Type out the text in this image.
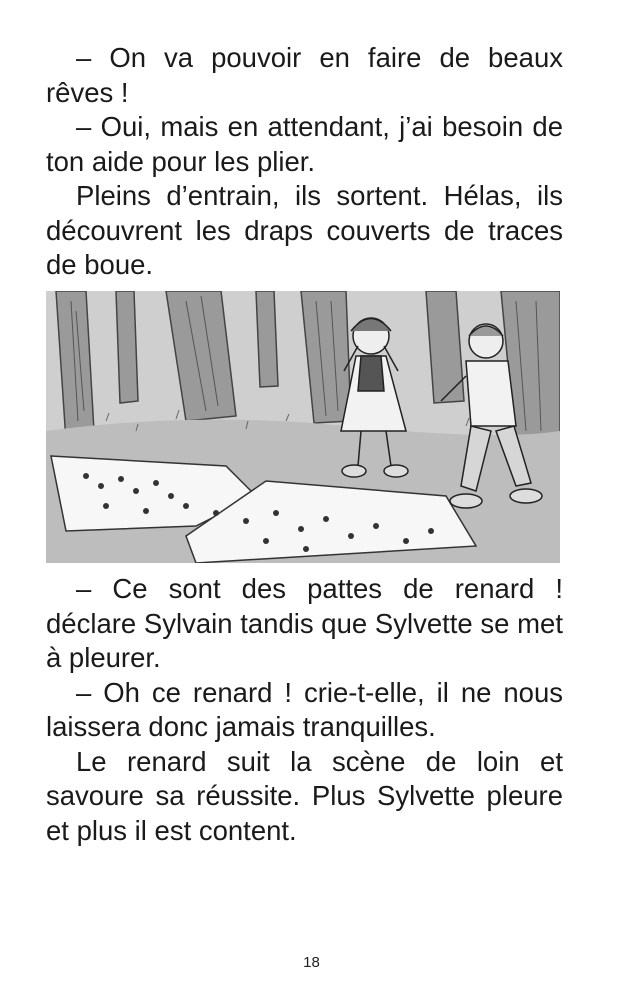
– On va pouvoir en faire de beaux rêves !

– Oui, mais en attendant, j’ai besoin de ton aide pour les plier.

Pleins d’entrain, ils sortent. Hélas, ils découvrent les draps couverts de traces de boue.

– Ce sont des pattes de renard ! déclare Sylvain tandis que Sylvette se met à pleurer.

– Oh ce renard ! crie-t-elle, il ne nous laissera donc jamais tranquilles.

Le renard suit la scène de loin et savoure sa réussite. Plus Sylvette pleure et plus il est content.

18
